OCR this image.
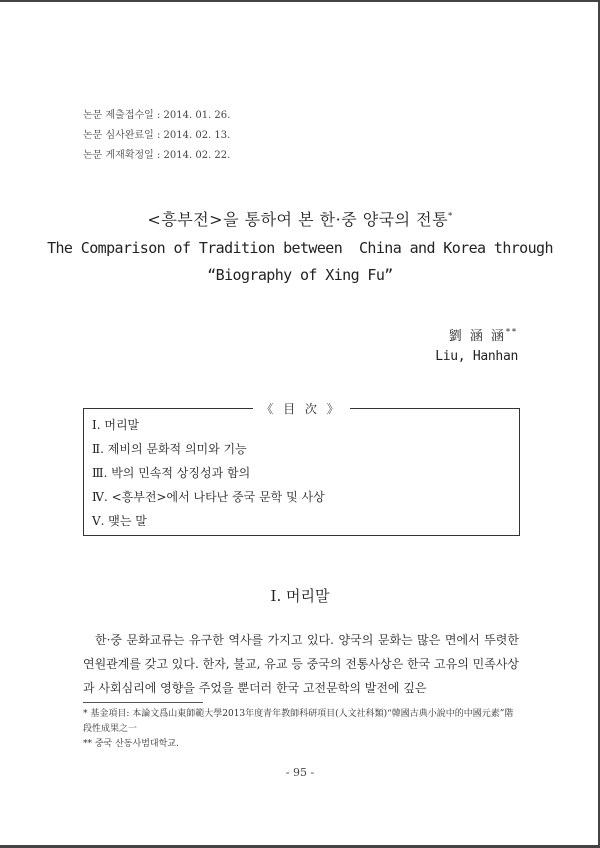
논문 제출접수일 : 2014. 01. 26.
논문 심사완료일 : 2014. 02. 13.
논문 게재확정일 : 2014. 02. 22.
<흥부전>을 통하여 본 한·중 양국의 전통*
The Comparison of Tradition between  China and Korea through
“Biography of Xing Fu”
劉 涵 涵**
Liu, Hanhan
《 目 次 》
Ⅰ. 머리말
Ⅱ. 제비의 문화적 의미와 기능
Ⅲ. 박의 민속적 상징성과 함의
Ⅳ. <흥부전>에서 나타난 중국 문학 및 사상
Ⅴ. 맺는 말
Ⅰ. 머리말

한·중 문화교류는 유구한 역사를 가지고 있다. 양국의 문화는 많은 면에서 뚜렷한 연원관계를 갖고 있다. 한자, 불교, 유교 등 중국의 전통사상은 한국 고유의 민족사상과 사회심리에 영향을 주었을 뿐더러 한국 고전문학의 발전에 깊은

* 基金項目: 本論文爲山東師範大學2013年度青年教師科研項目(人文社科類)“韓國古典小說中的中國元素”階段性成果之一
** 중국 산동사범대학교.
- 95 -
